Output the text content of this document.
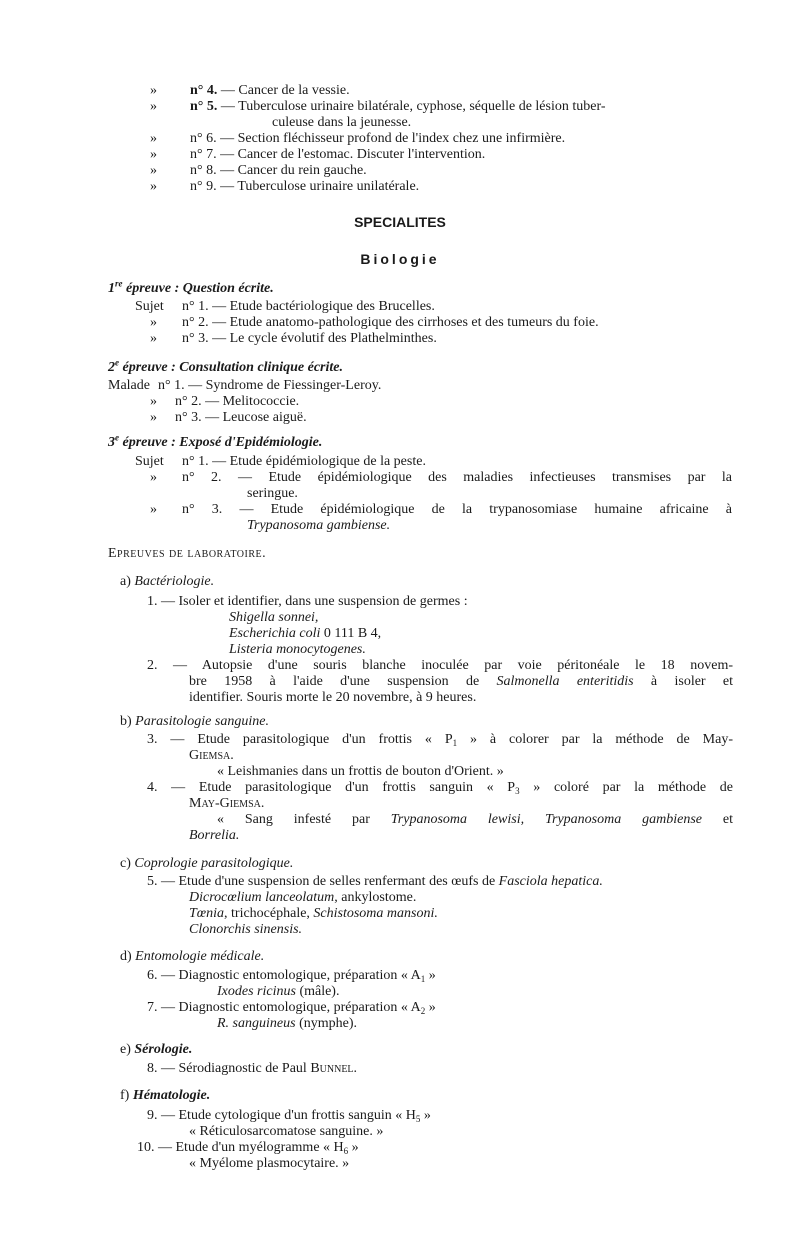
» n° 4. — Cancer de la vessie.
» n° 5. — Tuberculose urinaire bilatérale, cyphose, séquelle de lésion tuber-
culeuse dans la jeunesse.
» n° 6. — Section fléchisseur profond de l'index chez une infirmière.
» n° 7. — Cancer de l'estomac. Discuter l'intervention.
» n° 8. — Cancer du rein gauche.
» n° 9. — Tuberculose urinaire unilatérale.
SPECIALITES
Biologie
1re épreuve : Question écrite.
Sujet n° 1. — Etude bactériologique des Brucelles.
» n° 2. — Etude anatomo-pathologique des cirrhoses et des tumeurs du foie.
» n° 3. — Le cycle évolutif des Plathelminthes.
2e épreuve : Consultation clinique écrite.
Malade n° 1. — Syndrome de Fiessinger-Leroy.
» n° 2. — Melitococcie.
» n° 3. — Leucose aiguë.
3e épreuve : Exposé d'Epidémiologie.
Sujet n° 1. — Etude épidémiologique de la peste.
» n° 2. — Etude épidémiologique des maladies infectieuses transmises par la
seringue.
» n° 3. — Etude épidémiologique de la trypanosomiase humaine africaine à
Trypanosoma gambiense.
Epreuves de laboratoire.
a) Bactériologie.
1. — Isoler et identifier, dans une suspension de germes :
Shigella sonnei,
Escherichia coli 0 111 B 4,
Listeria monocytogenes.
2. — Autopsie d'une souris blanche inoculée par voie péritonéale le 18 novem-
bre 1958 à l'aide d'une suspension de Salmonella enteritidis à isoler et
identifier. Souris morte le 20 novembre, à 9 heures.
b) Parasitologie sanguine.
3. — Etude parasitologique d'un frottis « $P_1$ » à colorer par la méthode de May-
Giemsa.
« Leishmanies dans un frottis de bouton d'Orient. »
4. — Etude parasitologique d'un frottis sanguin « $P_3$ » coloré par la méthode de
May-Giemsa.
« Sang infesté par Trypanosoma lewisi, Trypanosoma gambiense et
Borrelia.
c) Coprologie parasitologique.
5. — Etude d'une suspension de selles renfermant des œufs de Fasciola hepatica.
Dicrocœlium lanceolatum, ankylostome.
Tœnia, trichocéphale, Schistosoma mansoni.
Clonorchis sinensis.
d) Entomologie médicale.
6. — Diagnostic entomologique, préparation « $A_1$ »
Ixodes ricinus (mâle).
7. — Diagnostic entomologique, préparation « $A_2$ »
R. sanguineus (nymphe).
e) Sérologie.
8. — Sérodiagnostic de Paul Bunnel.
f) Hématologie.
9. — Etude cytologique d'un frottis sanguin « $H_5$ »
« Réticulosarcomatose sanguine. »
10. — Etude d'un myélogramme « $H_6$ »
« Myélome plasmocytaire. »
